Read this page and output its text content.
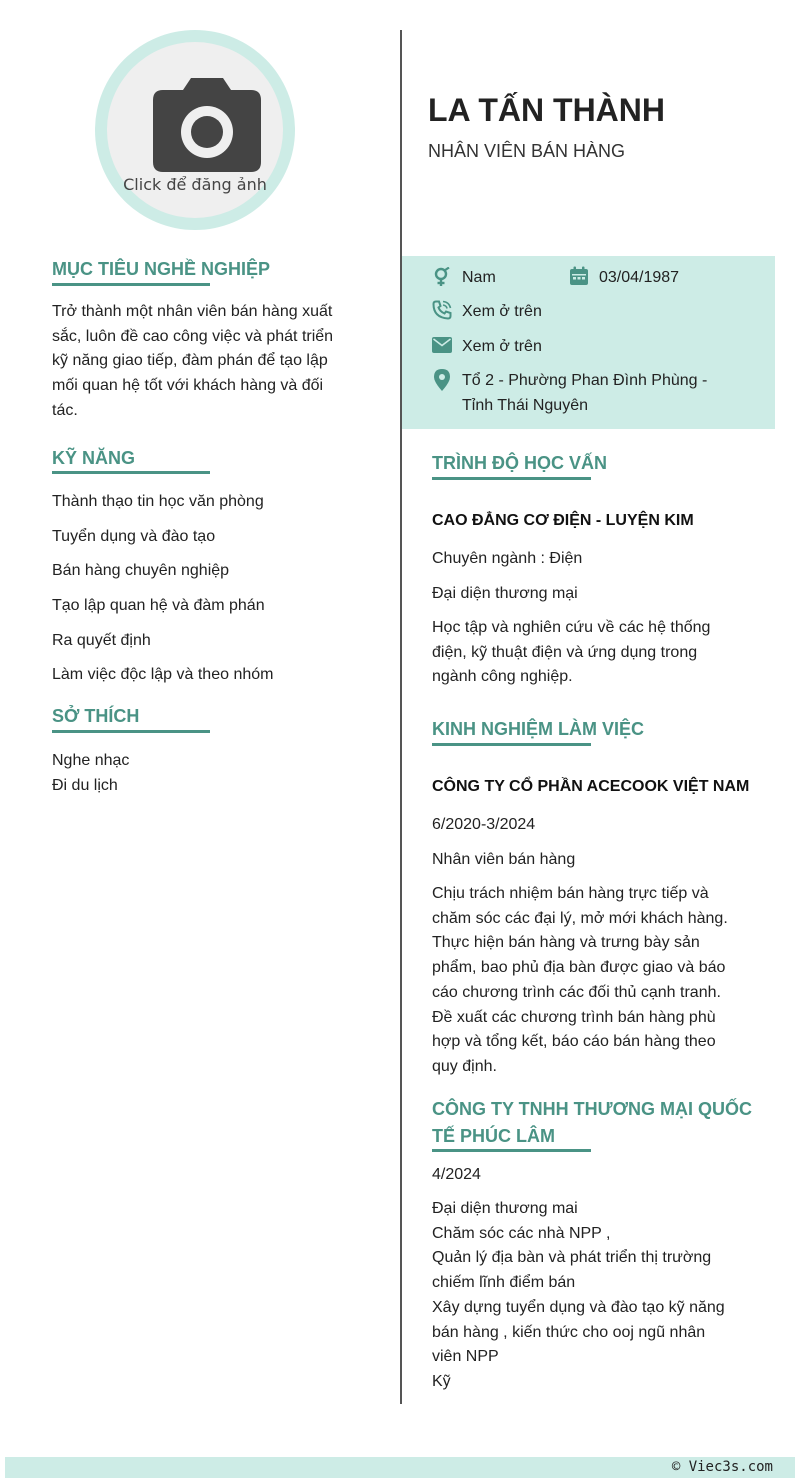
Click để đăng ảnh
MỤC TIÊU NGHỀ NGHIỆP
Trở thành một nhân viên bán hàng xuất
sắc, luôn đề cao công việc và phát triển
kỹ năng giao tiếp, đàm phán để tạo lập
mối quan hệ tốt với khách hàng và đối
tác.
KỸ NĂNG
Thành thạo tin học văn phòng
Tuyển dụng và đào tạo
Bán hàng chuyên nghiệp
Tạo lập quan hệ và đàm phán
Ra quyết định
Làm việc độc lập và theo nhóm
SỞ THÍCH
Nghe nhạc
Đi du lịch
LA TẤN THÀNH
NHÂN VIÊN BÁN HÀNG
Nam	03/04/1987
Xem ở trên
Xem ở trên
Tổ 2 - Phường Phan Đình Phùng -
Tỉnh Thái Nguyên
TRÌNH ĐỘ HỌC VẤN
CAO ĐẲNG CƠ ĐIỆN - LUYỆN KIM
Chuyên ngành : Điện
Đại diện thương mại
Học tập và nghiên cứu về các hệ thống
điện, kỹ thuật điện và ứng dụng trong
ngành công nghiệp.
KINH NGHIỆM LÀM VIỆC
CÔNG TY CỔ PHẦN ACECOOK VIỆT NAM
6/2020-3/2024
Nhân viên bán hàng
Chịu trách nhiệm bán hàng trực tiếp và
chăm sóc các đại lý, mở mới khách hàng.
Thực hiện bán hàng và trưng bày sản
phẩm, bao phủ địa bàn được giao và báo
cáo chương trình các đối thủ cạnh tranh.
Đề xuất các chương trình bán hàng phù
hợp và tổng kết, báo cáo bán hàng theo
quy định.
CÔNG TY TNHH THƯƠNG MẠI QUỐC
TẾ PHÚC LÂM
4/2024
Đại diện thương mai
Chăm sóc các nhà NPP ,
Quản lý địa bàn và phát triển thị trường
chiếm lĩnh điểm bán
Xây dựng tuyển dụng và đào tạo kỹ năng
bán hàng , kiến thức cho ooj ngũ nhân
viên NPP
Kỹ
© Viec3s.com
